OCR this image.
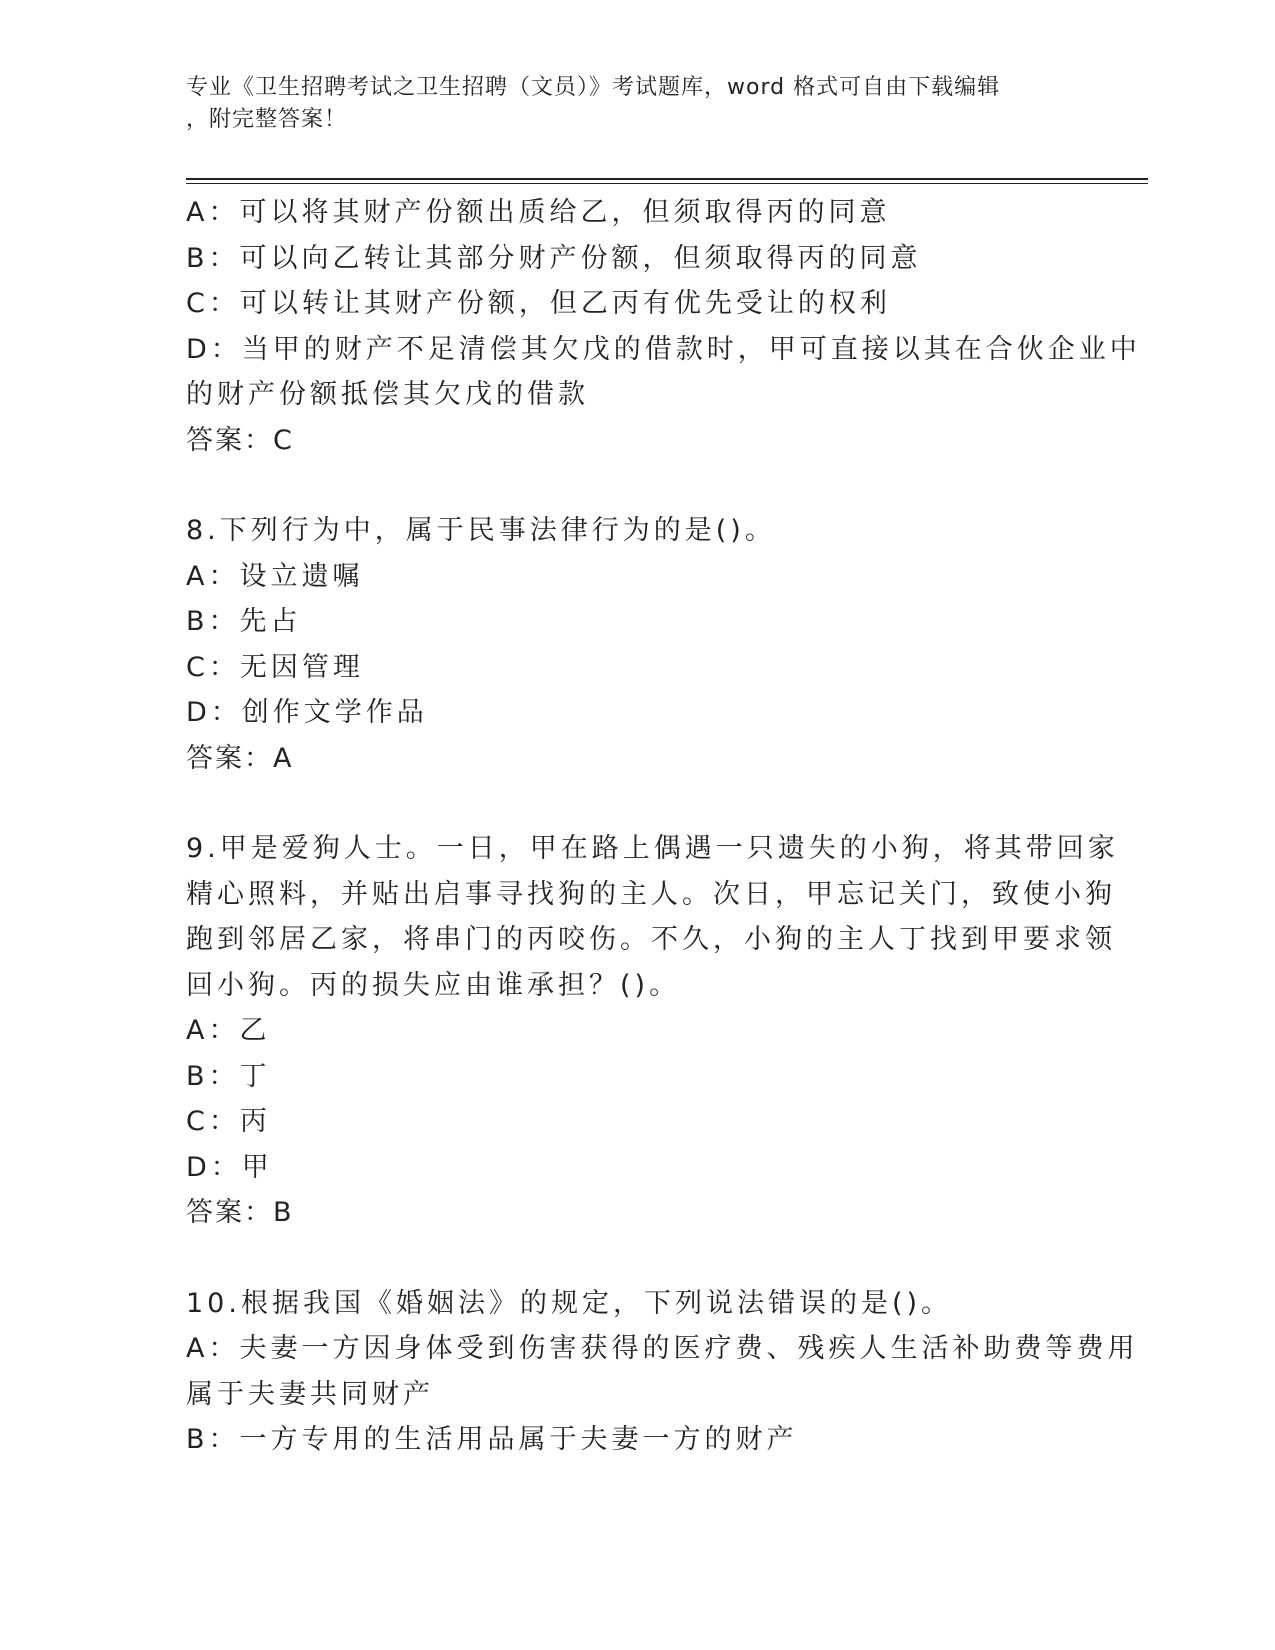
专业《卫生招聘考试之卫生招聘（文员）》考试题库，word 格式可自由下载编辑
，附完整答案！
A：可以将其财产份额出质给乙，但须取得丙的同意
B：可以向乙转让其部分财产份额，但须取得丙的同意
C：可以转让其财产份额，但乙丙有优先受让的权利
D：当甲的财产不足清偿其欠戊的借款时，甲可直接以其在合伙企业中
的财产份额抵偿其欠戊的借款
答案：C
8.下列行为中，属于民事法律行为的是()。
A：设立遗嘱
B：先占
C：无因管理
D：创作文学作品
答案：A
9.甲是爱狗人士。一日，甲在路上偶遇一只遗失的小狗，将其带回家
精心照料，并贴出启事寻找狗的主人。次日，甲忘记关门，致使小狗
跑到邻居乙家，将串门的丙咬伤。不久，小狗的主人丁找到甲要求领
回小狗。丙的损失应由谁承担？()。
A：乙
B：丁
C：丙
D：甲
答案：B
10.根据我国《婚姻法》的规定，下列说法错误的是()。
A：夫妻一方因身体受到伤害获得的医疗费、残疾人生活补助费等费用
属于夫妻共同财产
B：一方专用的生活用品属于夫妻一方的财产
